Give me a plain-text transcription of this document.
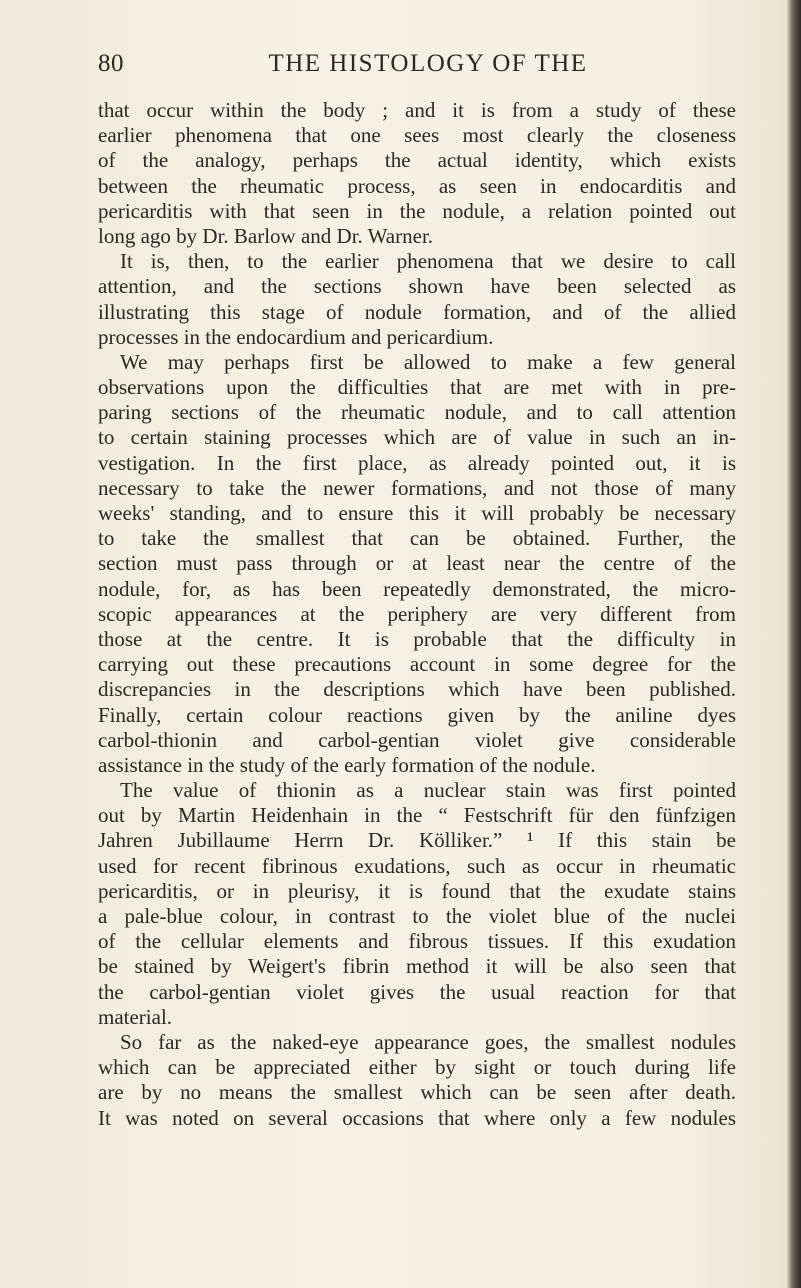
80	THE HISTOLOGY OF THE
that occur within the body ; and it is from a study of these
earlier phenomena that one sees most clearly the closeness
of the analogy, perhaps the actual identity, which exists
between the rheumatic process, as seen in endocarditis and
pericarditis with that seen in the nodule, a relation pointed out
long ago by Dr. Barlow and Dr. Warner.
It is, then, to the earlier phenomena that we desire to call
attention, and the sections shown have been selected as
illustrating this stage of nodule formation, and of the allied
processes in the endocardium and pericardium.
We may perhaps first be allowed to make a few general
observations upon the difficulties that are met with in pre-
paring sections of the rheumatic nodule, and to call attention
to certain staining processes which are of value in such an in-
vestigation. In the first place, as already pointed out, it is
necessary to take the newer formations, and not those of many
weeks' standing, and to ensure this it will probably be necessary
to take the smallest that can be obtained. Further, the
section must pass through or at least near the centre of the
nodule, for, as has been repeatedly demonstrated, the micro-
scopic appearances at the periphery are very different from
those at the centre. It is probable that the difficulty in
carrying out these precautions account in some degree for the
discrepancies in the descriptions which have been published.
Finally, certain colour reactions given by the aniline dyes
carbol-thionin and carbol-gentian violet give considerable
assistance in the study of the early formation of the nodule.
The value of thionin as a nuclear stain was first pointed
out by Martin Heidenhain in the “ Festschrift für den fünfzigen
Jahren Jubillaume Herrn Dr. Kölliker.” ¹ If this stain be
used for recent fibrinous exudations, such as occur in rheumatic
pericarditis, or in pleurisy, it is found that the exudate stains
a pale-blue colour, in contrast to the violet blue of the nuclei
of the cellular elements and fibrous tissues. If this exudation
be stained by Weigert's fibrin method it will be also seen that
the carbol-gentian violet gives the usual reaction for that
material.
So far as the naked-eye appearance goes, the smallest nodules
which can be appreciated either by sight or touch during life
are by no means the smallest which can be seen after death.
It was noted on several occasions that where only a few nodules
